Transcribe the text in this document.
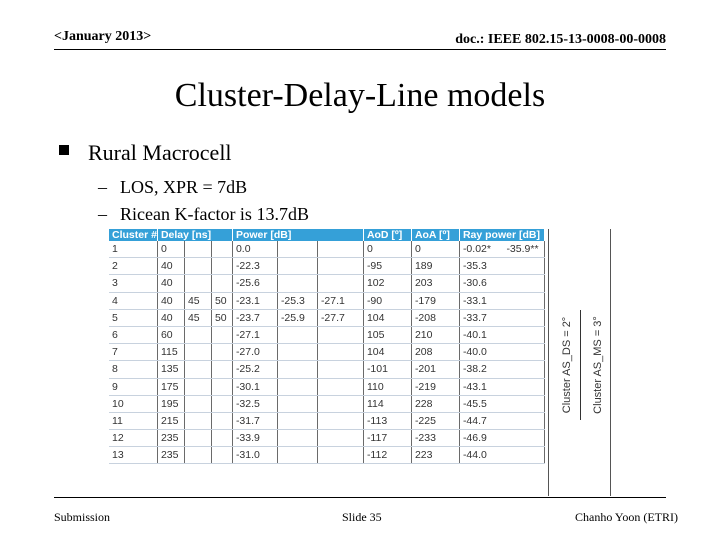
<January 2013>	doc.: IEEE 802.15-13-0008-00-0008
Cluster-Delay-Line models
Rural Macrocell
– LOS, XPR = 7dB
– Ricean K-factor is 13.7dB
Cluster #	Delay [ns]			Power [dB]			AoD [º]	AoA [º]	Ray power [dB]	
1	0			0.0			0	0	-0.02*	-35.9**
2	40			-22.3			-95	189	-35.3	
3	40			-25.6			102	203	-30.6	
4	40	45	50	-23.1	-25.3	-27.1	-90	-179	-33.1	
5	40	45	50	-23.7	-25.9	-27.7	104	-208	-33.7	
6	60			-27.1			105	210	-40.1	
7	115			-27.0			104	208	-40.0	
8	135			-25.2			-101	-201	-38.2	
9	175			-30.1			110	-219	-43.1	
10	195			-32.5			114	228	-45.5	
11	215			-31.7			-113	-225	-44.7	
12	235			-33.9			-117	-233	-46.9	
13	235			-31.0			-112	223	-44.0	
Cluster AS_DS = 2° Cluster AS_MS = 3°
Submission	Slide 35	Chanho Yoon (ETRI)
